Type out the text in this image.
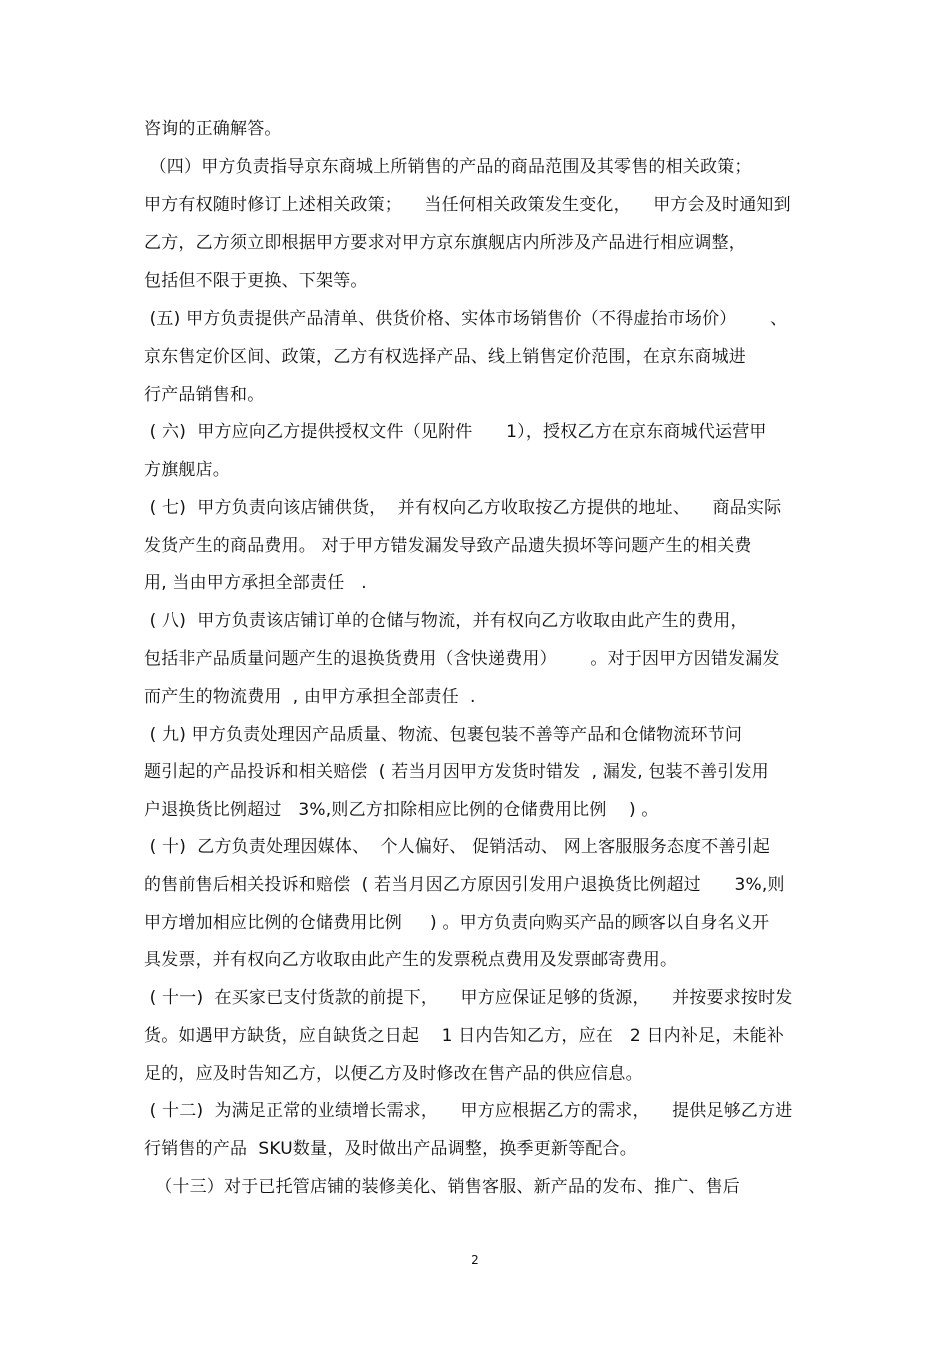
咨询的正确解答。
（四）甲方负责指导京东商城上所销售的产品的商品范围及其零售的相关政策；
甲方有权随时修订上述相关政策；    当任何相关政策发生变化，    甲方会及时通知到
乙方，乙方须立即根据甲方要求对甲方京东旗舰店内所涉及产品进行相应调整，
包括但不限于更换、下架等。
(五) 甲方负责提供产品清单、供货价格、实体市场销售价（不得虚抬市场价）      、
京东售定价区间、政策，乙方有权选择产品、线上销售定价范围，在京东商城进
行产品销售和。
( 六)  甲方应向乙方提供授权文件（见附件      1），授权乙方在京东商城代运营甲
方旗舰店。
( 七)  甲方负责向该店铺供货，  并有权向乙方收取按乙方提供的地址、    商品实际
发货产生的商品费用。 对于甲方错发漏发导致产品遗失损坏等问题产生的相关费
用, 当由甲方承担全部责任   .
( 八)  甲方负责该店铺订单的仓储与物流，并有权向乙方收取由此产生的费用，
包括非产品质量问题产生的退换货费用（含快递费用）      。对于因甲方因错发漏发
而产生的物流费用  , 由甲方承担全部责任  .
( 九) 甲方负责处理因产品质量、物流、包裹包装不善等产品和仓储物流环节问
题引起的产品投诉和相关赔偿  ( 若当月因甲方发货时错发  , 漏发, 包装不善引发用
户退换货比例超过   3%,则乙方扣除相应比例的仓储费用比例    ) 。
( 十)  乙方负责处理因媒体、  个人偏好、 促销活动、 网上客服服务态度不善引起
的售前售后相关投诉和赔偿  ( 若当月因乙方原因引发用户退换货比例超过      3%,则
甲方增加相应比例的仓储费用比例     ) 。甲方负责向购买产品的顾客以自身名义开
具发票，并有权向乙方收取由此产生的发票税点费用及发票邮寄费用。
( 十一)  在买家已支付货款的前提下，    甲方应保证足够的货源，    并按要求按时发
货。如遇甲方缺货，应自缺货之日起    1 日内告知乙方，应在   2 日内补足，未能补
足的，应及时告知乙方，以便乙方及时修改在售产品的供应信息。
( 十二)  为满足正常的业绩增长需求，    甲方应根据乙方的需求，    提供足够乙方进
行销售的产品  SKU数量，及时做出产品调整，换季更新等配合。
（十三）对于已托管店铺的装修美化、销售客服、新产品的发布、推广、售后
2
